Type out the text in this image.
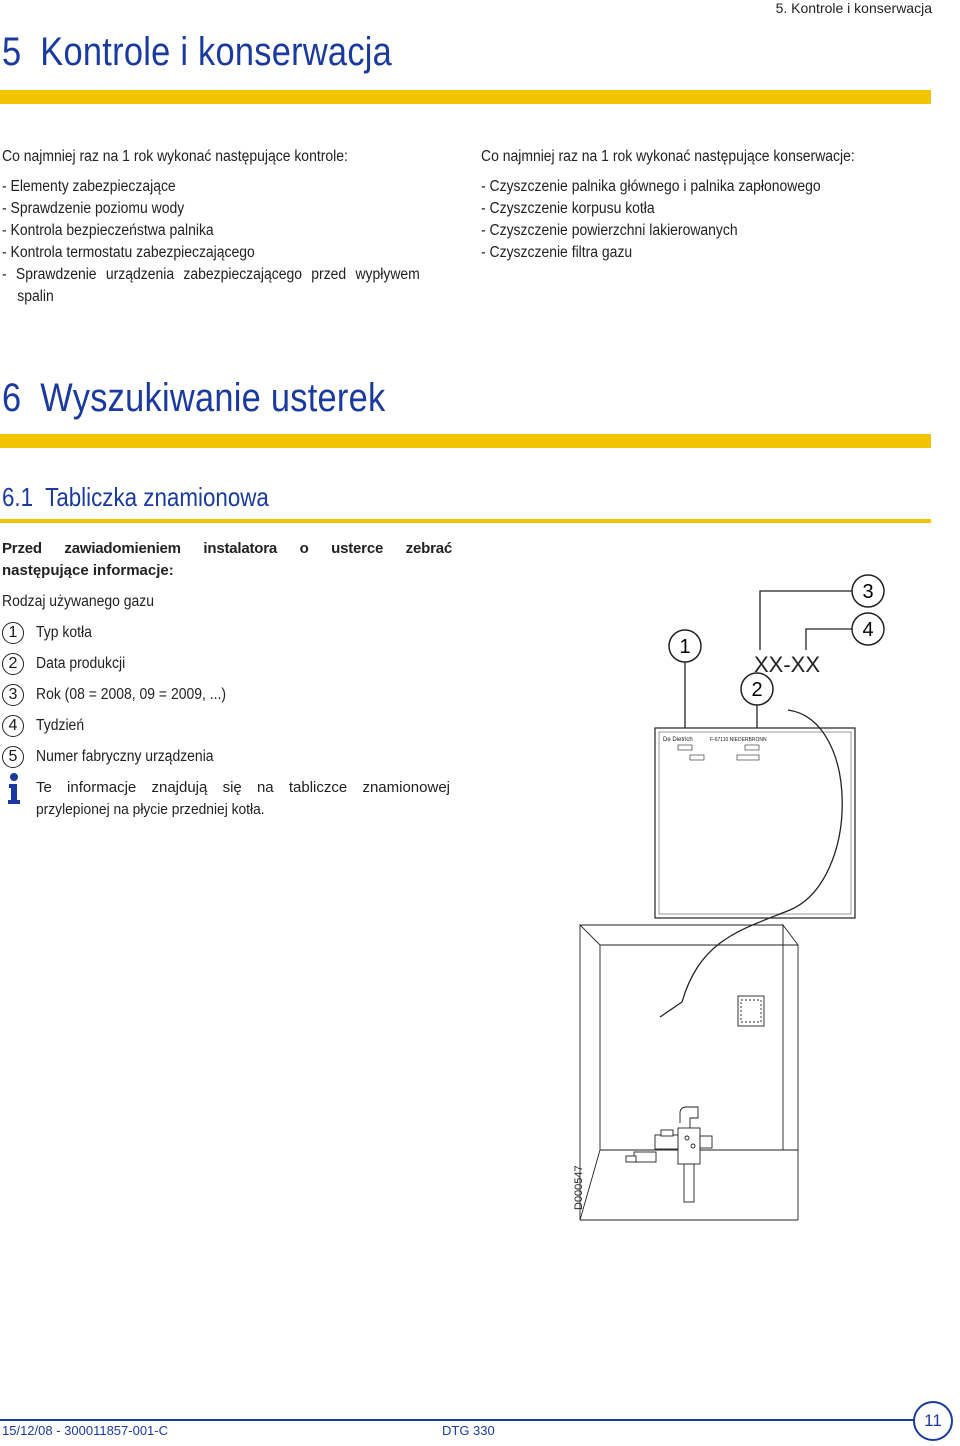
5. Kontrole i konserwacja
5 Kontrole i konserwacja
Co najmniej raz na 1 rok wykonać następujące kontrole:
- Elementy zabezpieczające
- Sprawdzenie poziomu wody
- Kontrola bezpieczeństwa palnika
- Kontrola termostatu zabezpieczającego
- Sprawdzenie urządzenia zabezpieczającego przed wypływem
spalin
Co najmniej raz na 1 rok wykonać następujące konserwacje:
- Czyszczenie palnika głównego i palnika zapłonowego
- Czyszczenie korpusu kotła
- Czyszczenie powierzchni lakierowanych
- Czyszczenie filtra gazu
6 Wyszukiwanie usterek
6.1 Tabliczka znamionowa
Przed zawiadomieniem instalatora o usterce zebrać
następujące informacje:
Rodzaj używanego gazu
1	Typ kotła
2	Data produkcji
3	Rok (08 = 2008, 09 = 2009, ...)
4	Tydzień
5	Numer fabryczny urządzenia
Te informacje znajdują się na tabliczce znamionowej
przylepionej na płycie przedniej kotła.
1
2
3
4
XX-XX
De Dietrich	F-67110 NIEDERBRONN
D000547
15/12/08 - 300011857-001-C	DTG 330
11
